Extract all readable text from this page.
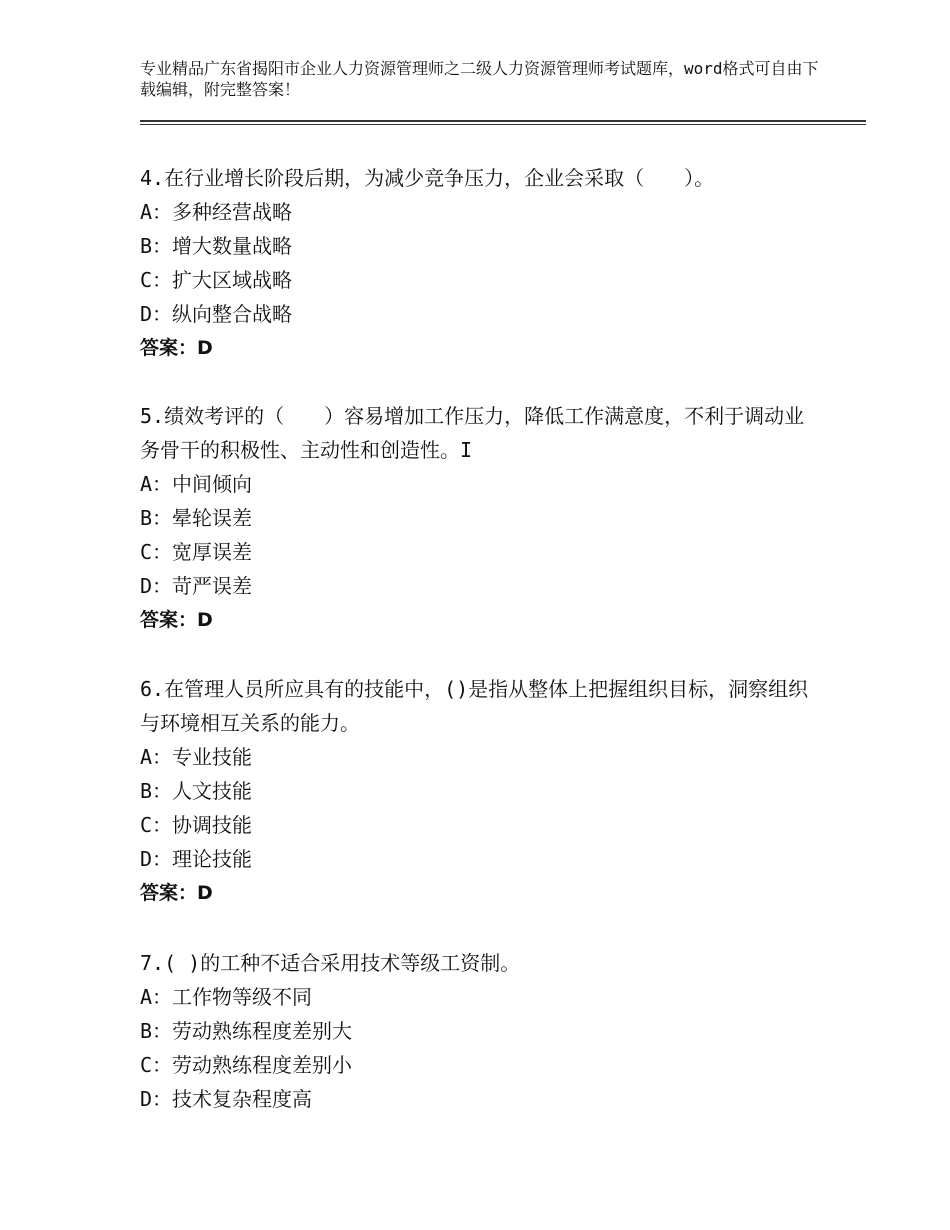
专业精品广东省揭阳市企业人力资源管理师之二级人力资源管理师考试题库，word格式可自由下载编辑，附完整答案！

4.在行业增长阶段后期，为减少竞争压力，企业会采取（　　）。

A：多种经营战略

B：增大数量战略

C：扩大区域战略

D：纵向整合战略

答案：D

5.绩效考评的（　　）容易增加工作压力，降低工作满意度，不利于调动业务骨干的积极性、主动性和创造性。I

A：中间倾向

B：晕轮误差

C：宽厚误差

D：苛严误差

答案：D

6.在管理人员所应具有的技能中，()是指从整体上把握组织目标，洞察组织与环境相互关系的能力。

A：专业技能

B：人文技能

C：协调技能

D：理论技能

答案：D

7.( )的工种不适合采用技术等级工资制。

A：工作物等级不同

B：劳动熟练程度差别大

C：劳动熟练程度差别小

D：技术复杂程度高
